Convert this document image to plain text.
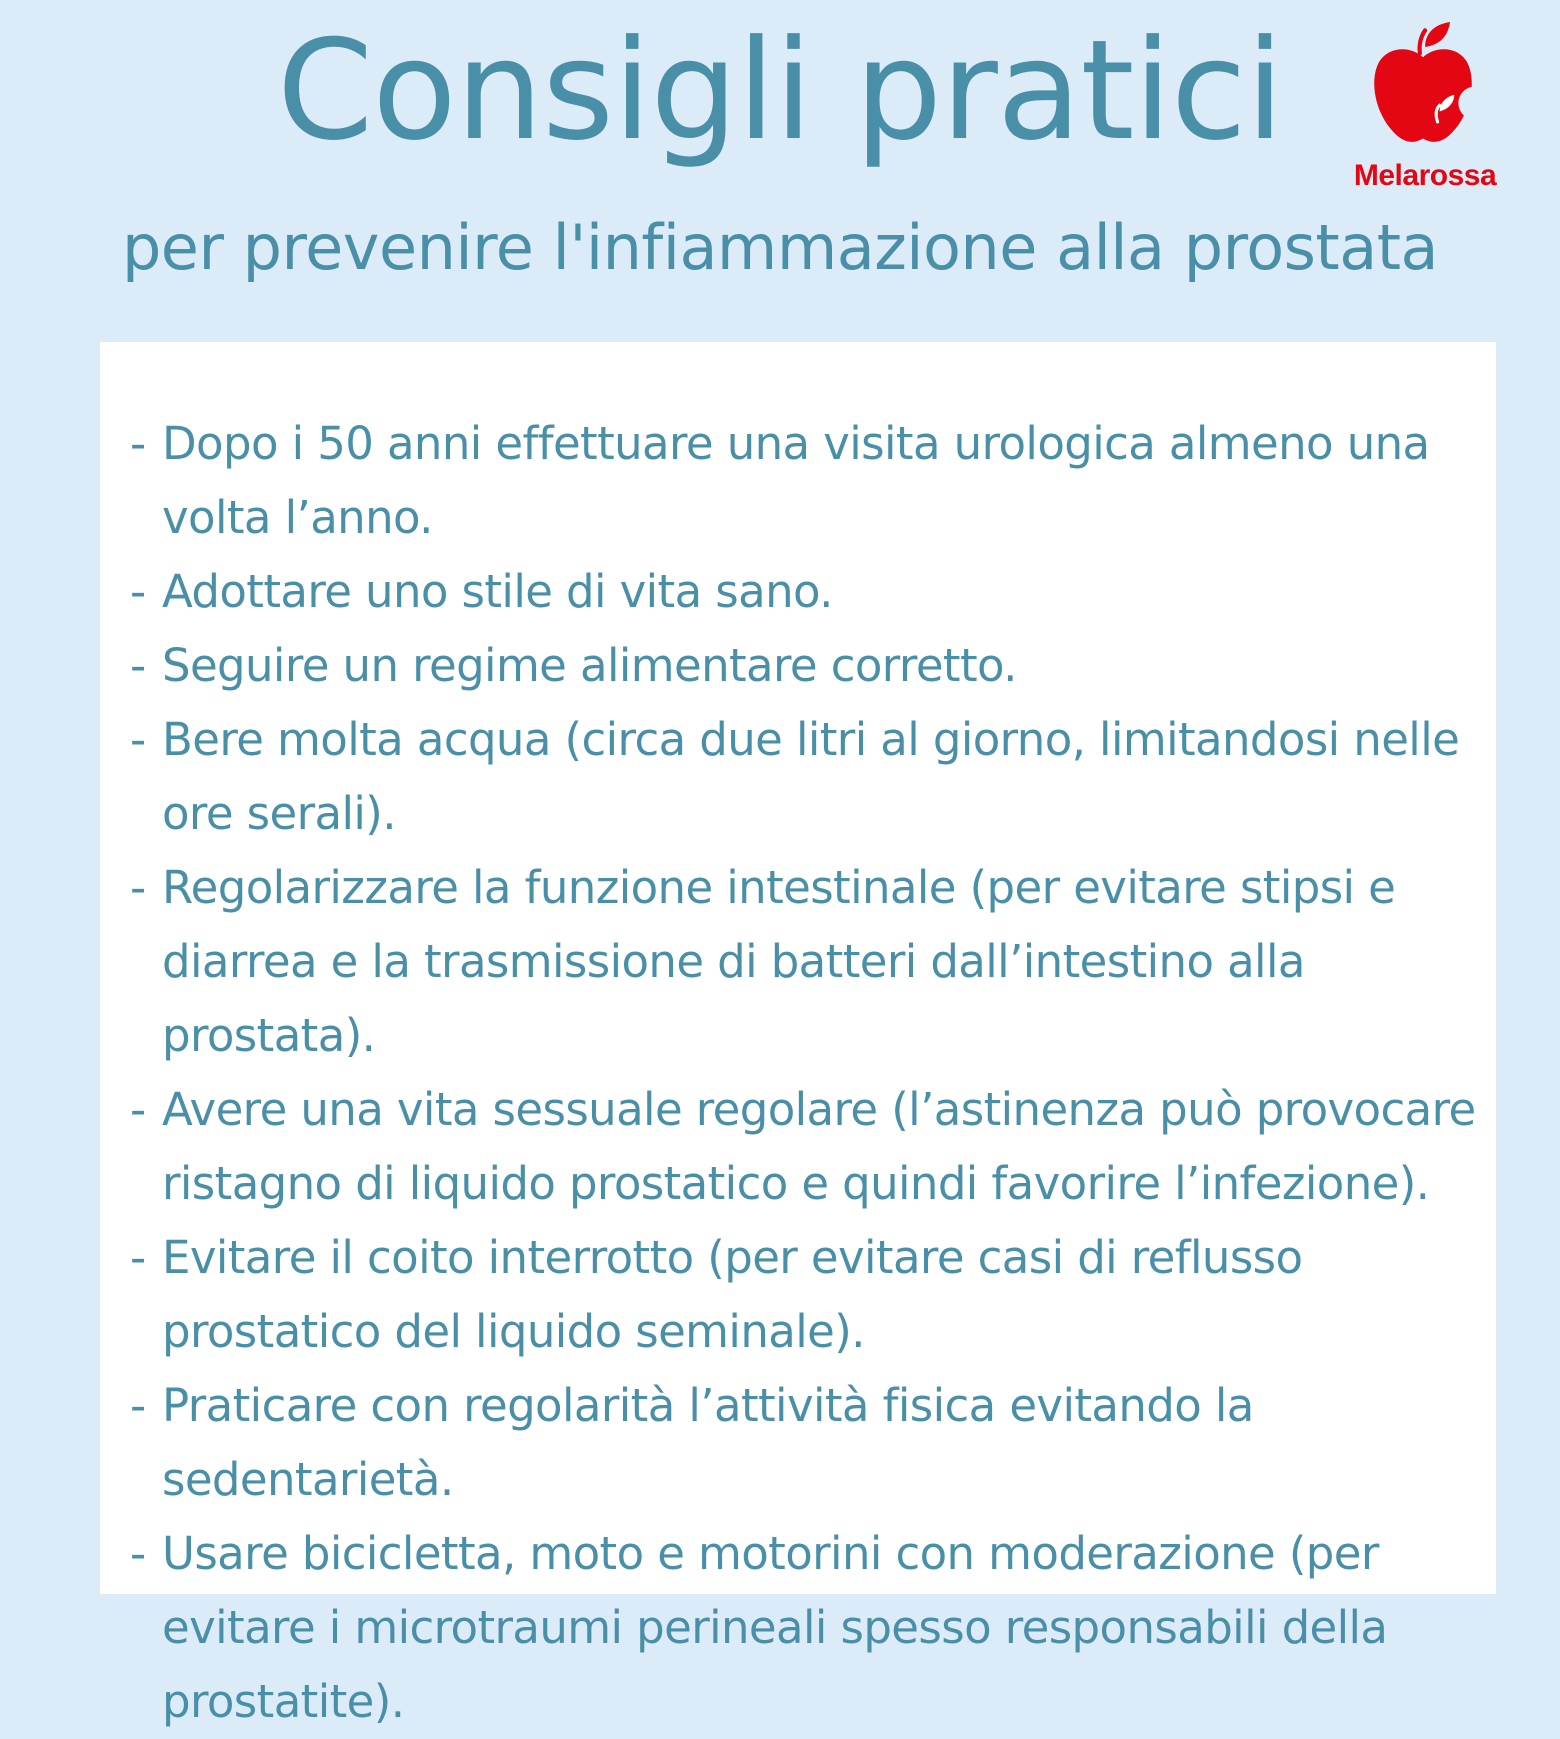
Consigli pratici
per prevenire l'infiammazione alla prostata
Melarossa
- Dopo i 50 anni effettuare una visita urologica almeno una volta l’anno.
- Adottare uno stile di vita sano.
- Seguire un regime alimentare corretto.
- Bere molta acqua (circa due litri al giorno, limitandosi nelle ore serali).
- Regolarizzare la funzione intestinale (per evitare stipsi e diarrea e la trasmissione di batteri dall’intestino alla prostata).
- Avere una vita sessuale regolare (l’astinenza può provocare ristagno di liquido prostatico e quindi favorire l’infezione).
- Evitare il coito interrotto (per evitare casi di reflusso prostatico del liquido seminale).
- Praticare con regolarità l’attività fisica evitando la sedentarietà.
- Usare bicicletta, moto e motorini con moderazione (per evitare i microtraumi perineali spesso responsabili della prostatite).
